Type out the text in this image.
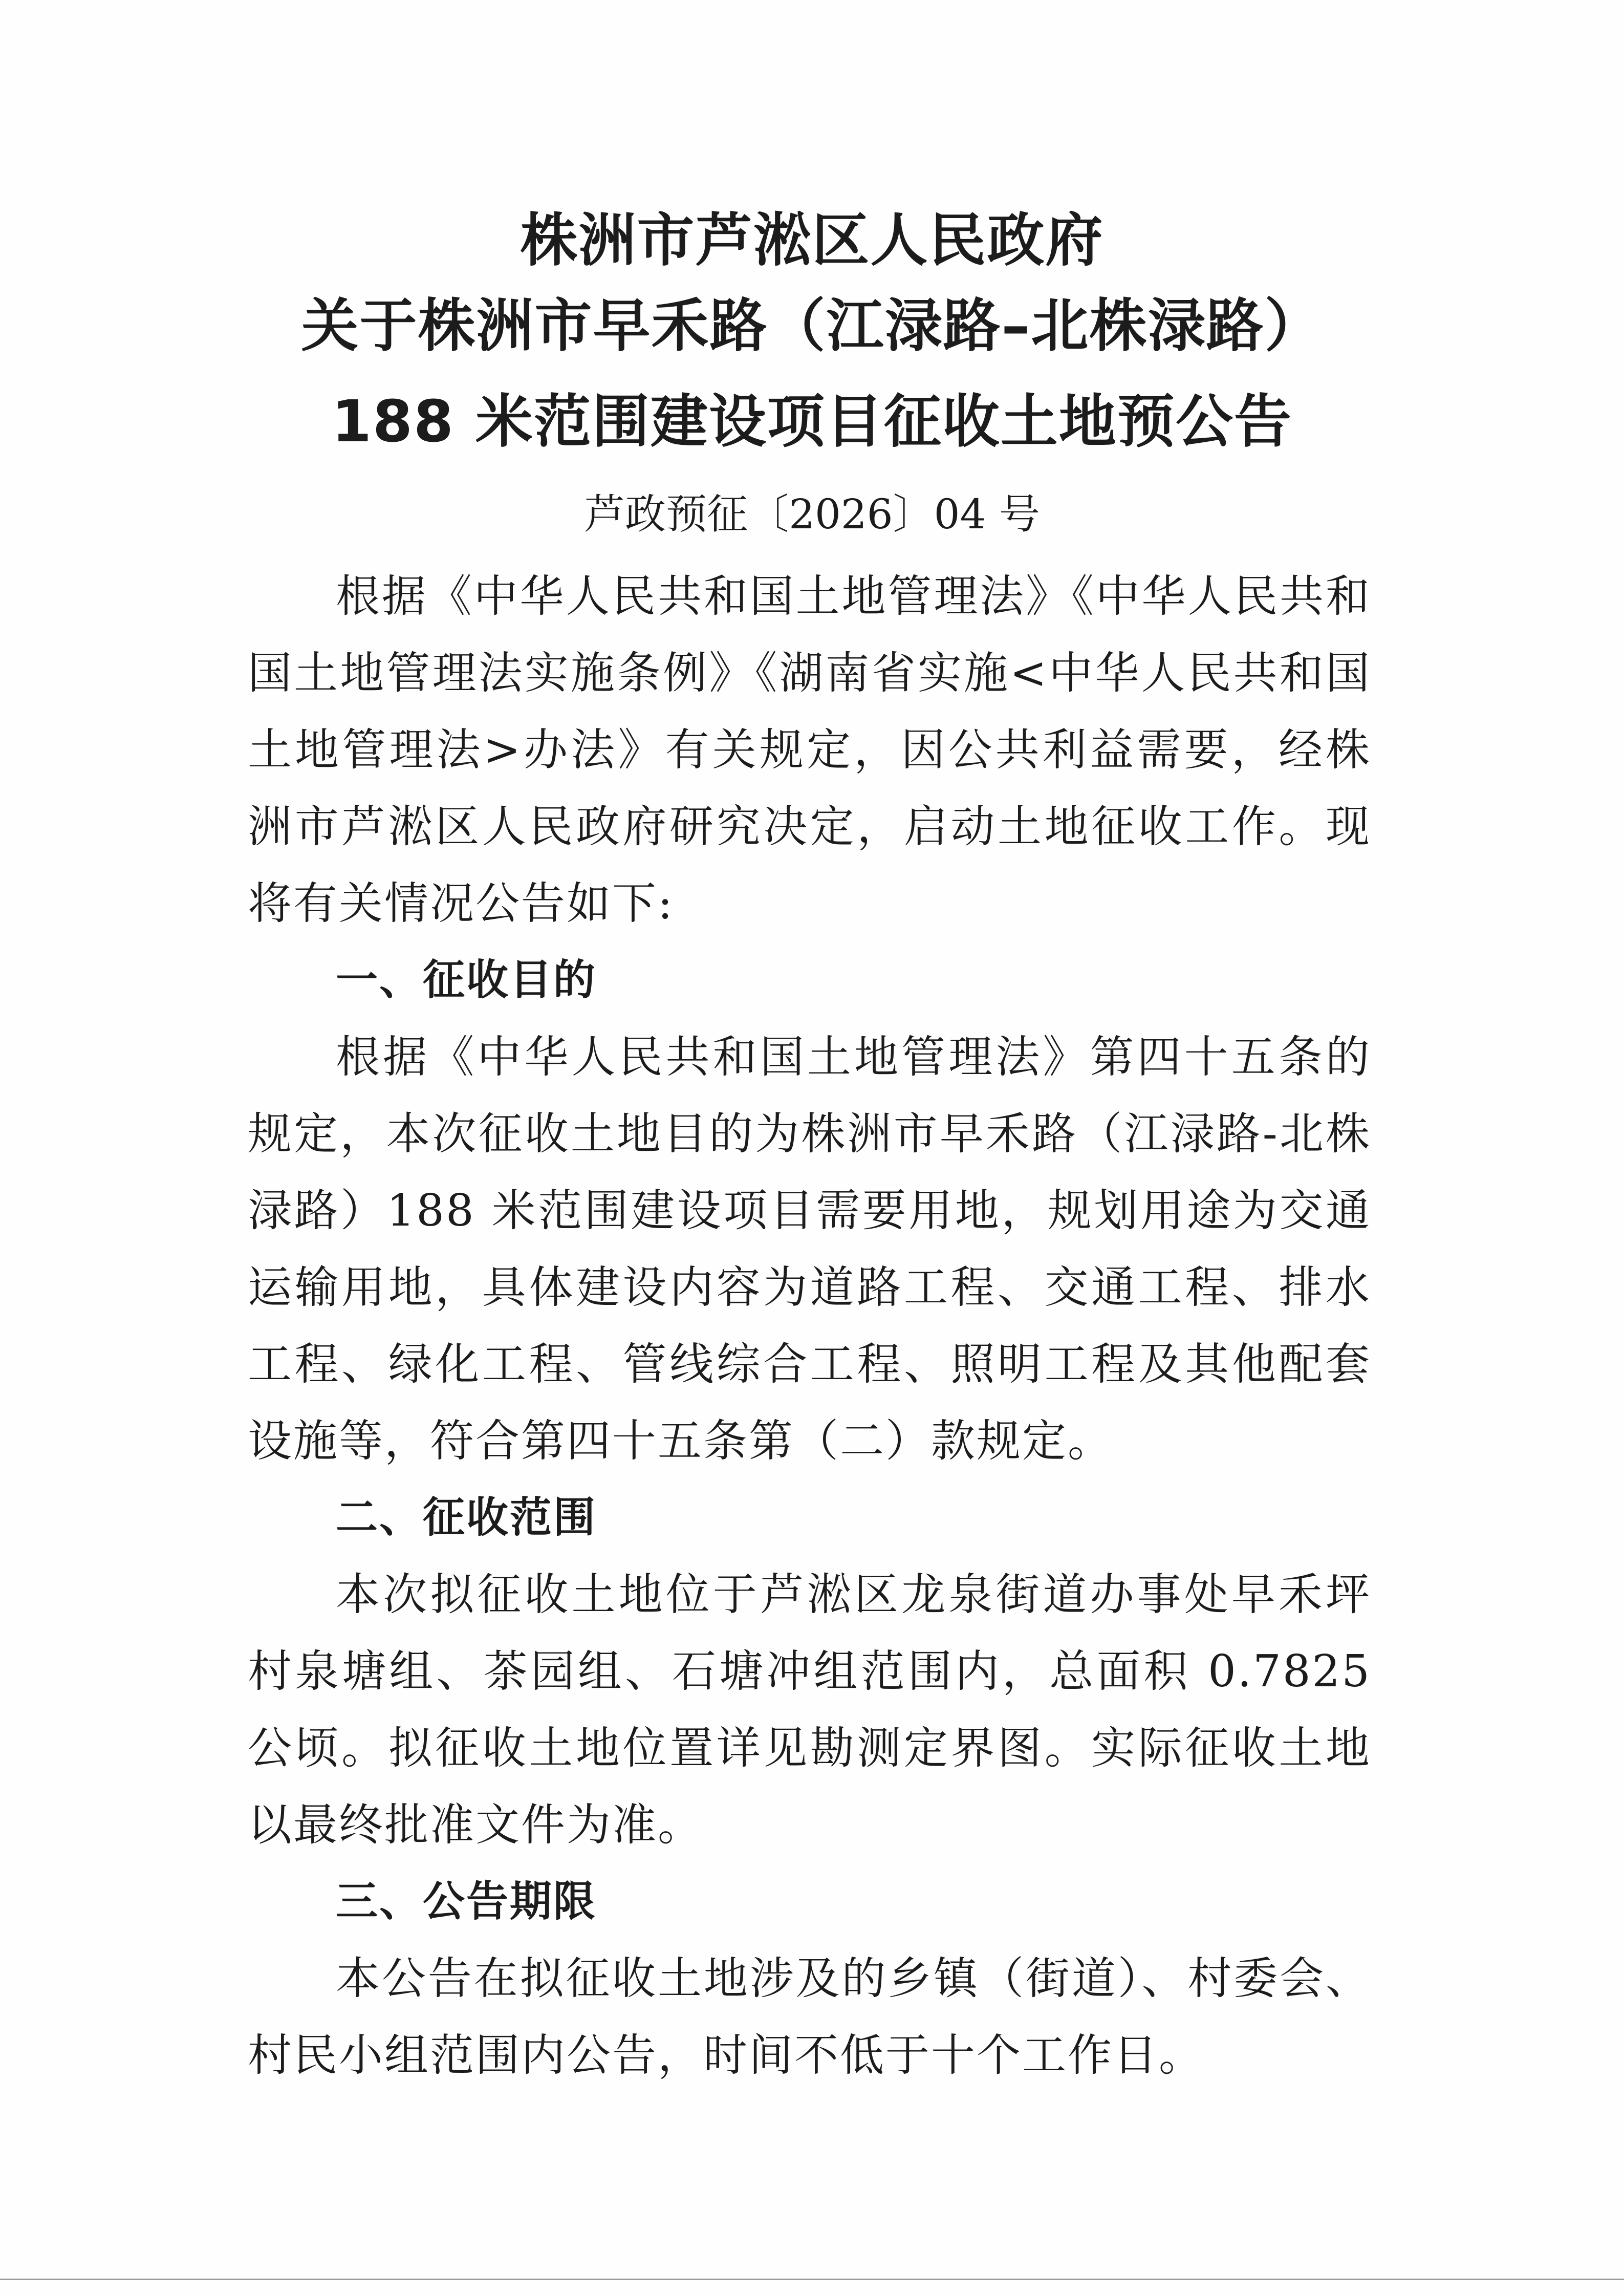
株洲市芦淞区人民政府
关于株洲市早禾路（江渌路–北株渌路）
188 米范围建设项目征收土地预公告
芦政预征〔2026〕04 号

根据《中华人民共和国土地管理法》《中华人民共和国土地管理法实施条例》《湖南省实施<中华人民共和国土地管理法>办法》有关规定，因公共利益需要，经株洲市芦淞区人民政府研究决定，启动土地征收工作。现将有关情况公告如下:

一、征收目的

根据《中华人民共和国土地管理法》第四十五条的规定，本次征收土地目的为株洲市早禾路（江渌路-北株渌路）188 米范围建设项目需要用地，规划用途为交通运输用地，具体建设内容为道路工程、交通工程、排水工程、绿化工程、管线综合工程、照明工程及其他配套设施等，符合第四十五条第（二）款规定。

二、征收范围

本次拟征收土地位于芦淞区龙泉街道办事处早禾坪村泉塘组、茶园组、石塘冲组范围内，总面积 0.7825 公顷。拟征收土地位置详见勘测定界图。实际征收土地以最终批准文件为准。

三、公告期限

本公告在拟征收土地涉及的乡镇（街道）、村委会、村民小组范围内公告，时间不低于十个工作日。
